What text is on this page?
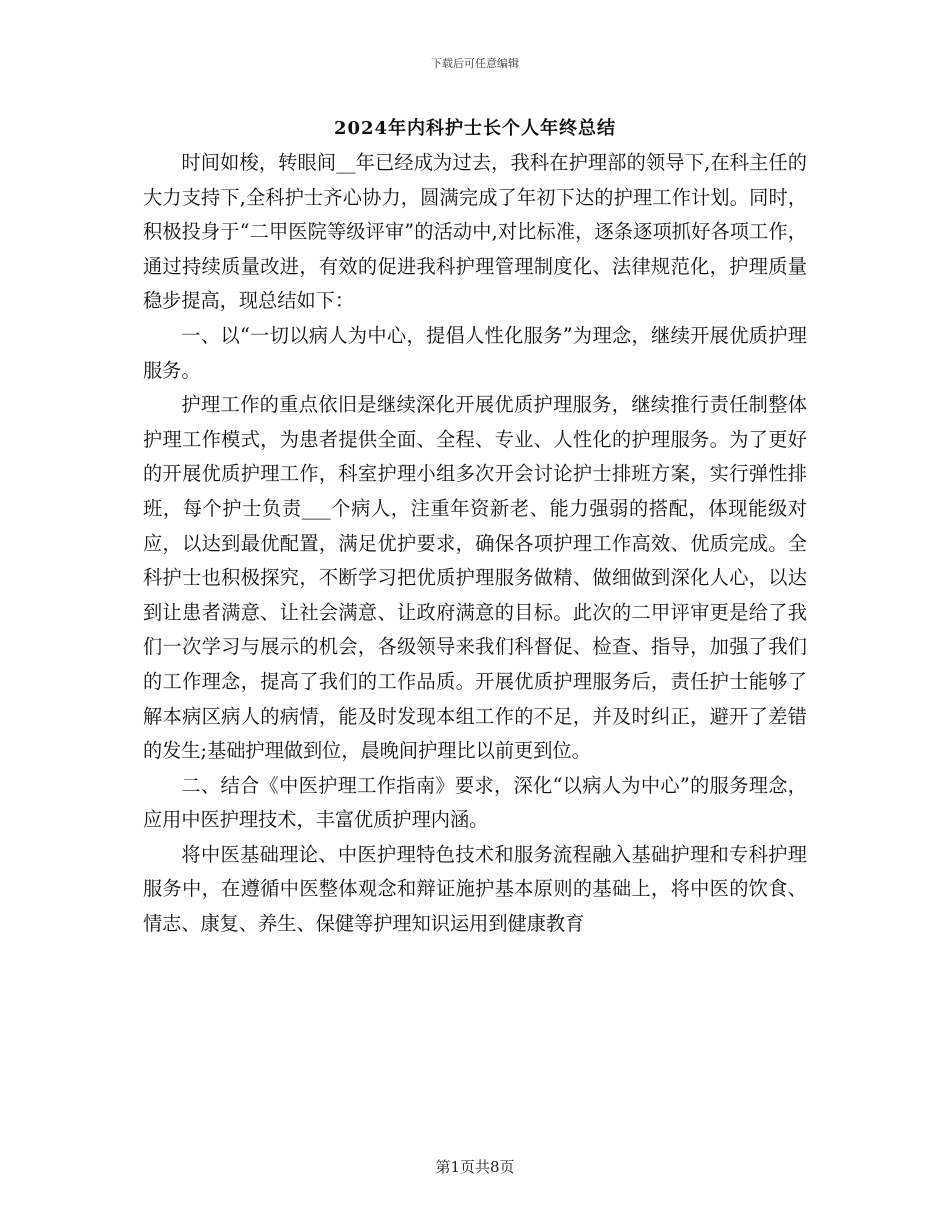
下载后可任意编辑
2024年内科护士长个人年终总结

时间如梭，转眼间__年已经成为过去，我科在护理部的领导下,在科主任的大力支持下,全科护士齐心协力，圆满完成了年初下达的护理工作计划。同时，积极投身于“二甲医院等级评审”的活动中,对比标准，逐条逐项抓好各项工作，通过持续质量改进，有效的促进我科护理管理制度化、法律规范化，护理质量稳步提高，现总结如下：

一、以“一切以病人为中心，提倡人性化服务”为理念，继续开展优质护理服务。

护理工作的重点依旧是继续深化开展优质护理服务，继续推行责任制整体护理工作模式，为患者提供全面、全程、专业、人性化的护理服务。为了更好的开展优质护理工作，科室护理小组多次开会讨论护士排班方案，实行弹性排班，每个护士负责___个病人，注重年资新老、能力强弱的搭配，体现能级对应，以达到最优配置，满足优护要求，确保各项护理工作高效、优质完成。全科护士也积极探究，不断学习把优质护理服务做精、做细做到深化人心，以达到让患者满意、让社会满意、让政府满意的目标。此次的二甲评审更是给了我们一次学习与展示的机会，各级领导来我们科督促、检查、指导，加强了我们的工作理念，提高了我们的工作品质。开展优质护理服务后，责任护士能够了解本病区病人的病情，能及时发现本组工作的不足，并及时纠正，避开了差错的发生;基础护理做到位，晨晚间护理比以前更到位。

二、结合《中医护理工作指南》要求，深化“以病人为中心”的服务理念，应用中医护理技术，丰富优质护理内涵。

将中医基础理论、中医护理特色技术和服务流程融入基础护理和专科护理服务中，在遵循中医整体观念和辩证施护基本原则的基础上，将中医的饮食、情志、康复、养生、保健等护理知识运用到健康教育

第1页共8页
